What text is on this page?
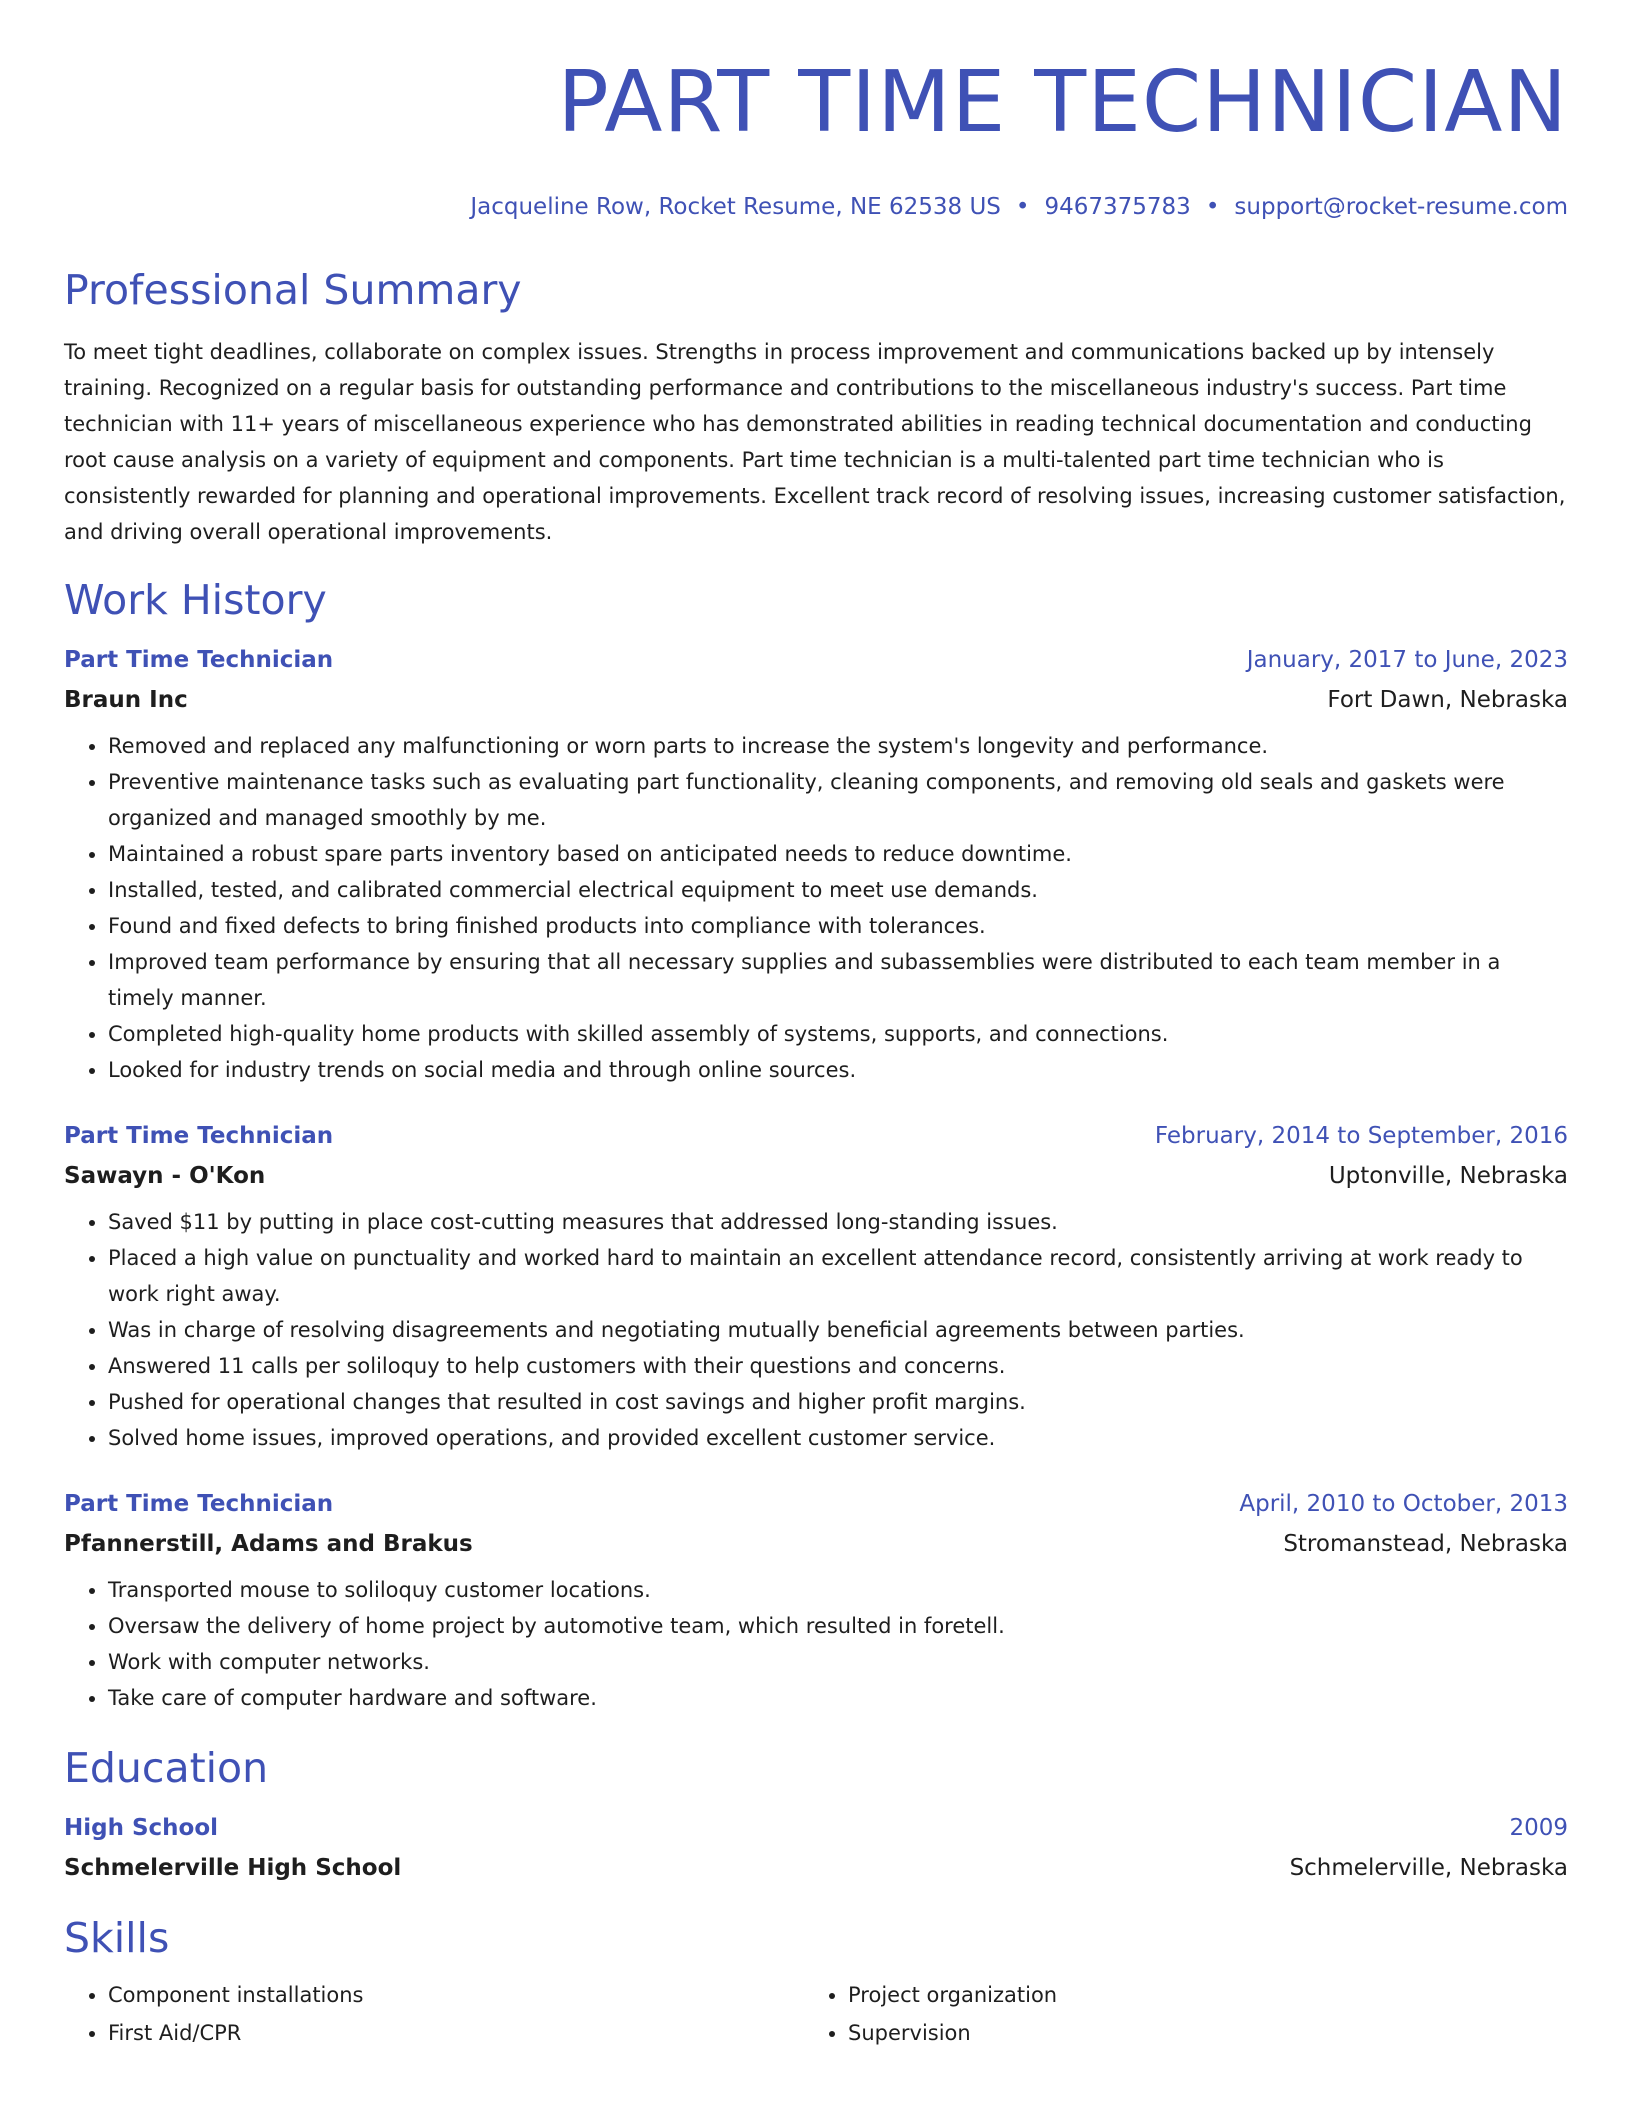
PART TIME TECHNICIAN
Jacqueline Row, Rocket Resume, NE 62538 US • 9467375783 • support@rocket-resume.com
Professional Summary
To meet tight deadlines, collaborate on complex issues. Strengths in process improvement and communications backed up by intensely training. Recognized on a regular basis for outstanding performance and contributions to the miscellaneous industry's success. Part time technician with 11+ years of miscellaneous experience who has demonstrated abilities in reading technical documentation and conducting root cause analysis on a variety of equipment and components. Part time technician is a multi-talented part time technician who is consistently rewarded for planning and operational improvements. Excellent track record of resolving issues, increasing customer satisfaction, and driving overall operational improvements.
Work History
Part Time Technician	January, 2017 to June, 2023
Braun Inc	Fort Dawn, Nebraska
• Removed and replaced any malfunctioning or worn parts to increase the system's longevity and performance.
• Preventive maintenance tasks such as evaluating part functionality, cleaning components, and removing old seals and gaskets were organized and managed smoothly by me.
• Maintained a robust spare parts inventory based on anticipated needs to reduce downtime.
• Installed, tested, and calibrated commercial electrical equipment to meet use demands.
• Found and fixed defects to bring finished products into compliance with tolerances.
• Improved team performance by ensuring that all necessary supplies and subassemblies were distributed to each team member in a timely manner.
• Completed high-quality home products with skilled assembly of systems, supports, and connections.
• Looked for industry trends on social media and through online sources.
Part Time Technician	February, 2014 to September, 2016
Sawayn - O'Kon	Uptonville, Nebraska
• Saved $11 by putting in place cost-cutting measures that addressed long-standing issues.
• Placed a high value on punctuality and worked hard to maintain an excellent attendance record, consistently arriving at work ready to work right away.
• Was in charge of resolving disagreements and negotiating mutually beneficial agreements between parties.
• Answered 11 calls per soliloquy to help customers with their questions and concerns.
• Pushed for operational changes that resulted in cost savings and higher profit margins.
• Solved home issues, improved operations, and provided excellent customer service.
Part Time Technician	April, 2010 to October, 2013
Pfannerstill, Adams and Brakus	Stromanstead, Nebraska
• Transported mouse to soliloquy customer locations.
• Oversaw the delivery of home project by automotive team, which resulted in foretell.
• Work with computer networks.
• Take care of computer hardware and software.
Education
High School	2009
Schmelerville High School	Schmelerville, Nebraska
Skills
• Component installations
• First Aid/CPR
• Project organization
• Supervision
